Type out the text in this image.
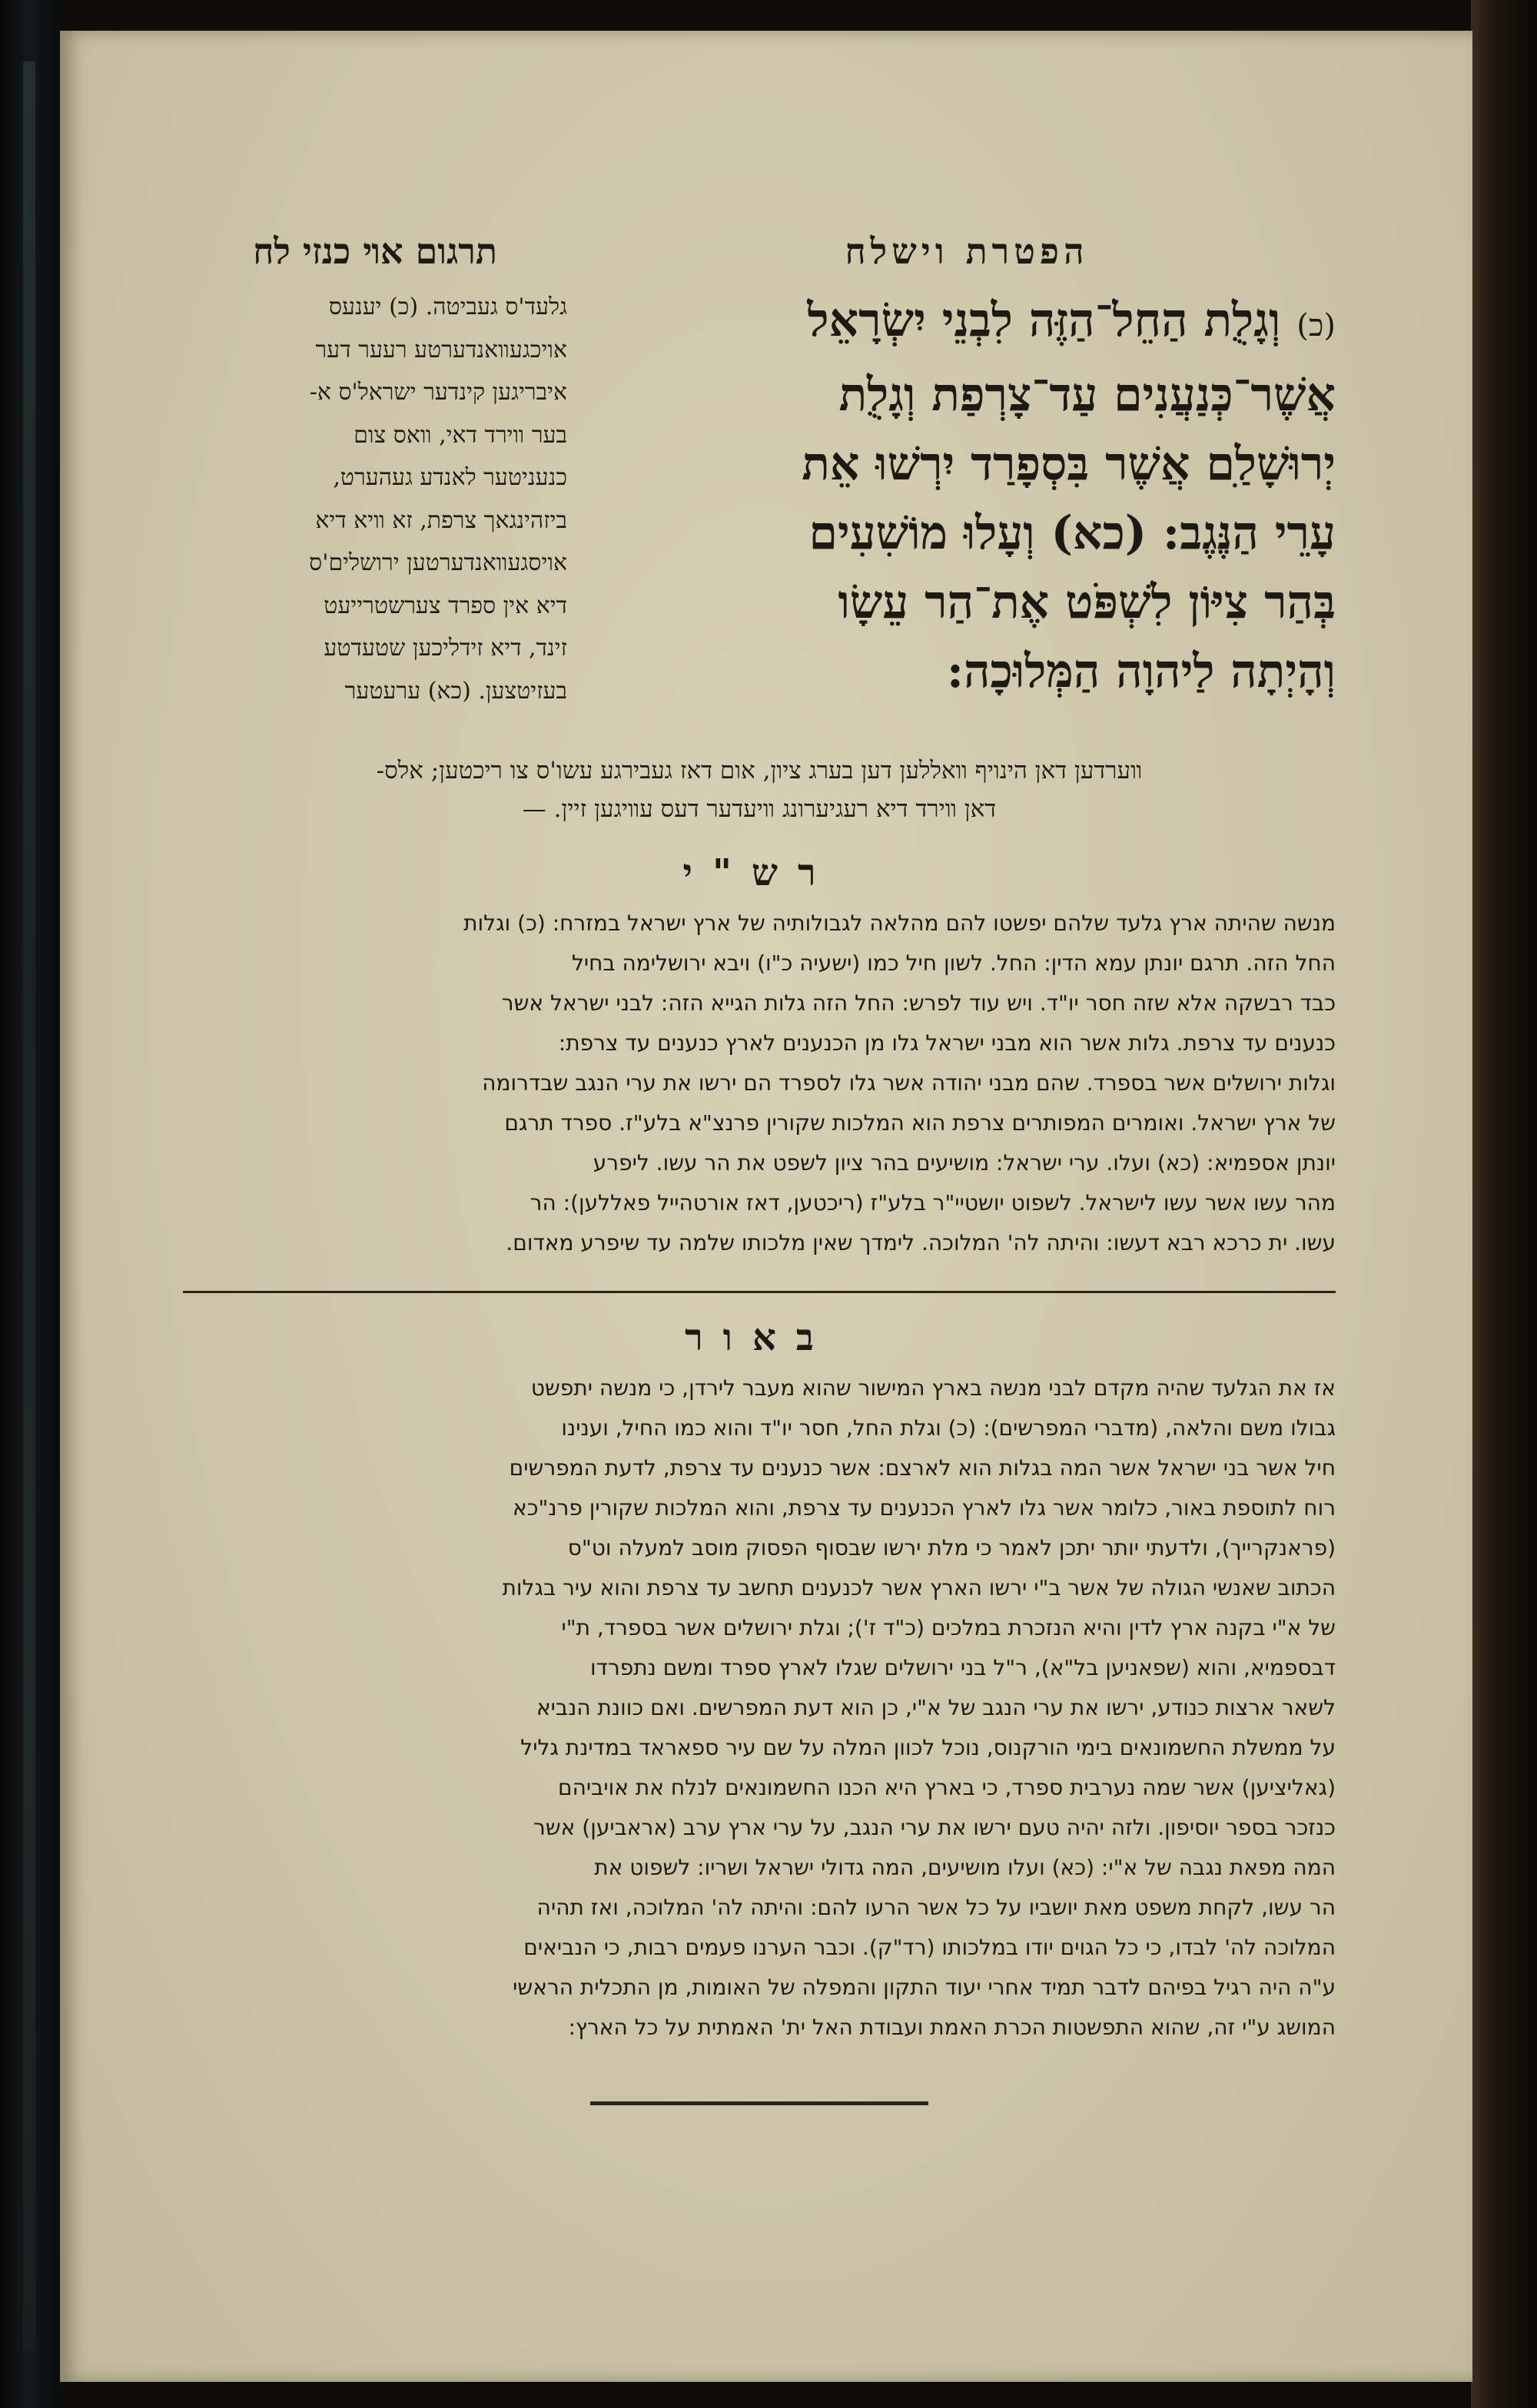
הפטרת וישלח
(כ) וְגָלֻת הַחֵל־הַזֶּה לִבְנֵי יִשְׂרָאֵל
אֲשֶׁר־כְּנַעֲנִים עַד־צָרְפַת וְגָלֻת
יְרוּשָׁלַ‍ִם אֲשֶׁר בִּסְפָרַד יִרְשׁוּ אֵת
עָרֵי הַנֶּגֶב: (כא) וְעָלוּ מוֹשִׁעִים
בְּהַר צִיּוֹן לִשְׁפֹּט אֶת־הַר עֵשָׂו
וְהָיְתָה לַיהוָה הַמְּלוּכָה:
תרגום אױ כנזי לח
גלעד'ס געביטה. (כ) יענעס
אויכגעװאנדערטע רעער דער
איבריגען קינדער ישראל'ס א-
בער װירד דאי, װאס צום
כנעניטער לאנדע געהערט,
ביזהינגאך צרפת, זא װיא דיא
אויסגעװאנדערטען ירושלים'ס
דיא אין ספרד צערשטרייעט
זינד, דיא זידליכען שטעדטע
בעזיטצען. (כא) ערעטער
װערדען דאן הינויף װאללען דען בערג ציון, אום דאז געבירגע עשו'ס צו ריכטען; אלס-
דאן װירד דיא רעגיערונג װיעדער דעס עװיגען זיין. —
רש"י
מנשה שהיתה ארץ גלעד שלהם יפשטו להם מהלאה לגבולותיה של ארץ ישראל במזרח: (כ) וגלות
החל הזה. תרגם יונתן עמא הדין: החל. לשון חיל כמו (ישעיה כ"ו) ויבא ירושלימה בחיל
כבד רבשקה אלא שזה חסר יו"ד. ויש עוד לפרש: החל הזה גלות הגייא הזה: לבני ישראל אשר
כנענים עד צרפת. גלות אשר הוא מבני ישראל גלו מן הכנענים לארץ כנענים עד צרפת:
וגלות ירושלים אשר בספרד. שהם מבני יהודה אשר גלו לספרד הם ירשו את ערי הנגב שבדרומה
של ארץ ישראל. ואומרים המפותרים צרפת הוא המלכות שקורין פרנצ"א בלע"ז. ספרד תרגם
יונתן אספמיא: (כא) ועלו. ערי ישראל: מושיעים בהר ציון לשפט את הר עשו. ליפרע
מהר עשו אשר עשו לישראל. לשפוט יושטיי"ר בלע"ז (ריכטען, דאז אורטהייל פאללען): הר
עשו. ית כרכא רבא דעשו: והיתה לה' המלוכה. לימדך שאין מלכותו שלמה עד שיפרע מאדום.
באור
אז את הגלעד שהיה מקדם לבני מנשה בארץ המישור שהוא מעבר לירדן, כי מנשה יתפשט
גבולו משם והלאה, (מדברי המפרשים): (כ) וגלת החל, חסר יו"ד והוא כמו החיל, וענינו
חיל אשר בני ישראל אשר המה בגלות הוא לארצם: אשר כנענים עד צרפת, לדעת המפרשים
רוח לתוספת באור, כלומר אשר גלו לארץ הכנענים עד צרפת, והוא המלכות שקורין פרנ"כא
(פראנקרייך), ולדעתי יותר יתכן לאמר כי מלת ירשו שבסוף הפסוק מוסב למעלה וט"ס
הכתוב שאנשי הגולה של אשר ב"י ירשו הארץ אשר לכנענים תחשב עד צרפת והוא עיר בגלות
של א"י בקנה ארץ לדין והיא הנזכרת במלכים (כ"ד ז'); וגלת ירושלים אשר בספרד, ת"י
דבספמיא, והוא (שפאניען בל"א), ר"ל בני ירושלים שגלו לארץ ספרד ומשם נתפרדו
לשאר ארצות כנודע, ירשו את ערי הנגב של א"י, כן הוא דעת המפרשים. ואם כוונת הנביא
על ממשלת החשמונאים בימי הורקנוס, נוכל לכוון המלה על שם עיר ספאראד במדינת גליל
(גאליציען) אשר שמה נערבית ספרד, כי בארץ היא הכנו החשמונאים לנלח את אויביהם
כנזכר בספר יוסיפון. ולזה יהיה טעם ירשו את ערי הנגב, על ערי ארץ ערב (אראביען) אשר
המה מפאת נגבה של א"י: (כא) ועלו מושיעים, המה גדולי ישראל ושריו: לשפוט את
הר עשו, לקחת משפט מאת יושביו על כל אשר הרעו להם: והיתה לה' המלוכה, ואז תהיה
המלוכה לה' לבדו, כי כל הגוים יודו במלכותו (רד"ק). וכבר הערנו פעמים רבות, כי הנביאים
ע"ה היה רגיל בפיהם לדבר תמיד אחרי יעוד התקון והמפלה של האומות, מן התכלית הראשי
המושג ע"י זה, שהוא התפשטות הכרת האמת ועבודת האל ית' האמתית על כל הארץ:
